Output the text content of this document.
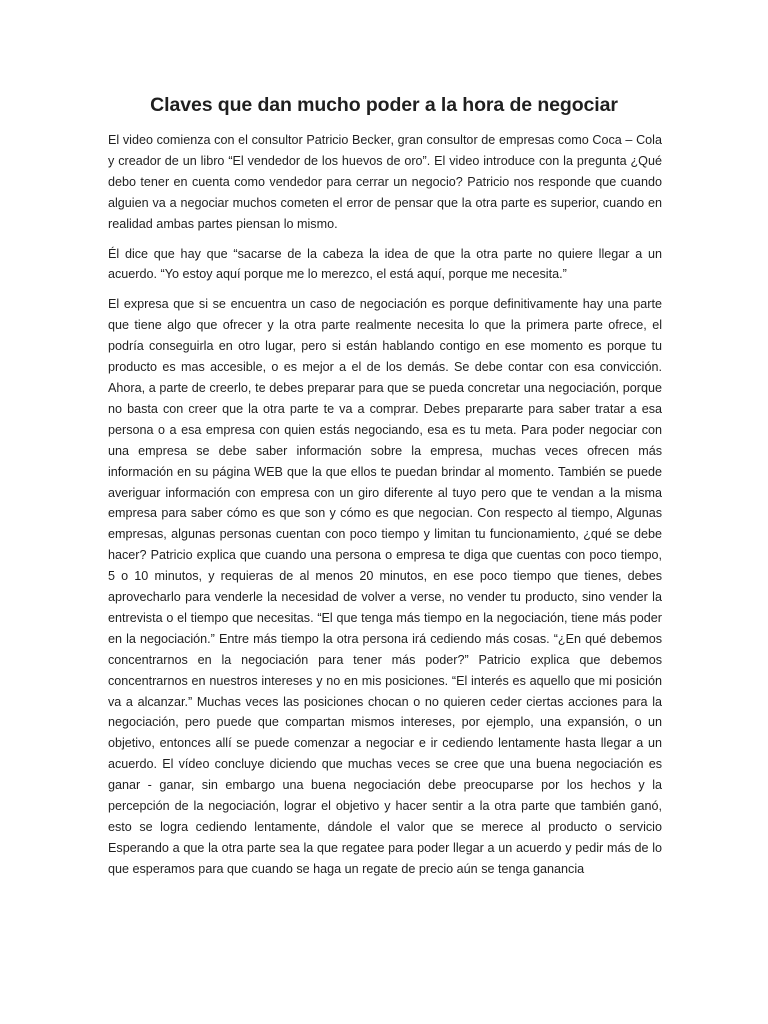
Claves que dan mucho poder a la hora de negociar

El video comienza con el consultor Patricio Becker, gran consultor de empresas como Coca – Cola y creador de un libro “El vendedor de los huevos de oro”. El video introduce con la pregunta ¿Qué debo tener en cuenta como vendedor para cerrar un negocio? Patricio nos responde que cuando alguien va a negociar muchos cometen el error de pensar que la otra parte es superior, cuando en realidad ambas partes piensan lo mismo.

Él dice que hay que “sacarse de la cabeza la idea de que la otra parte no quiere llegar a un acuerdo. “Yo estoy aquí porque me lo merezco, el está aquí, porque me necesita.”

El expresa que si se encuentra un caso de negociación es porque definitivamente hay una parte que tiene algo que ofrecer y la otra parte realmente necesita lo que la primera parte ofrece, el podría conseguirla en otro lugar, pero si están hablando contigo en ese momento es porque tu producto es mas accesible, o es mejor a el de los demás. Se debe contar con esa convicción. Ahora, a parte de creerlo, te debes preparar para que se pueda concretar una negociación, porque no basta con creer que la otra parte te va a comprar. Debes prepararte para saber tratar a esa persona o a esa empresa con quien estás negociando, esa es tu meta. Para poder negociar con una empresa se debe saber información sobre la empresa, muchas veces ofrecen más información en su página WEB que la que ellos te puedan brindar al momento. También se puede averiguar información con empresa con un giro diferente al tuyo pero que te vendan a la misma empresa para saber cómo es que son y cómo es que negocian. Con respecto al tiempo, Algunas empresas, algunas personas cuentan con poco tiempo y limitan tu funcionamiento, ¿qué se debe hacer? Patricio explica que cuando una persona o empresa te diga que cuentas con poco tiempo, 5 o 10 minutos, y requieras de al menos 20 minutos, en ese poco tiempo que tienes, debes aprovecharlo para venderle la necesidad de volver a verse, no vender tu producto, sino vender la entrevista o el tiempo que necesitas. “El que tenga más tiempo en la negociación, tiene más poder en la negociación.” Entre más tiempo la otra persona irá cediendo más cosas. “¿En qué debemos concentrarnos en la negociación para tener más poder?” Patricio explica que debemos concentrarnos en nuestros intereses y no en mis posiciones. “El interés es aquello que mi posición va a alcanzar.” Muchas veces las posiciones chocan o no quieren ceder ciertas acciones para la negociación, pero puede que compartan mismos intereses, por ejemplo, una expansión, o un objetivo, entonces allí se puede comenzar a negociar e ir cediendo lentamente hasta llegar a un acuerdo. El vídeo concluye diciendo que muchas veces se cree que una buena negociación es ganar - ganar, sin embargo una buena negociación debe preocuparse por los hechos y la percepción de la negociación, lograr el objetivo y hacer sentir a la otra parte que también ganó, esto se logra cediendo lentamente, dándole el valor que se merece al producto o servicio Esperando a que la otra parte sea la que regatee para poder llegar a un acuerdo y pedir más de lo que esperamos para que cuando se haga un regate de precio aún se tenga ganancia
